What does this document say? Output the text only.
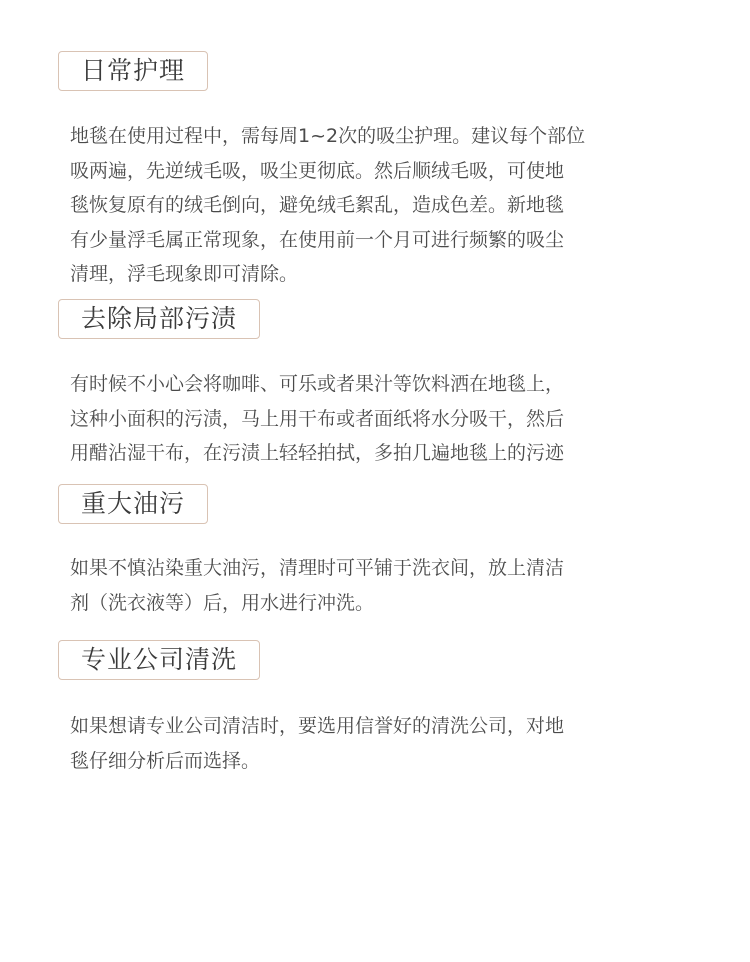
日常护理
地毯在使用过程中，需每周1~2次的吸尘护理。建议每个部位
吸两遍，先逆绒毛吸，吸尘更彻底。然后顺绒毛吸，可使地
毯恢复原有的绒毛倒向，避免绒毛絮乱，造成色差。新地毯
有少量浮毛属正常现象，在使用前一个月可进行频繁的吸尘
清理，浮毛现象即可清除。
去除局部污渍
有时候不小心会将咖啡、可乐或者果汁等饮料洒在地毯上，
这种小面积的污渍，马上用干布或者面纸将水分吸干，然后
用醋沾湿干布，在污渍上轻轻拍拭，多拍几遍地毯上的污迹
重大油污
如果不慎沾染重大油污，清理时可平铺于洗衣间，放上清洁
剂（洗衣液等）后，用水进行冲洗。
专业公司清洗
如果想请专业公司清洁时，要选用信誉好的清洗公司，对地
毯仔细分析后而选择。
